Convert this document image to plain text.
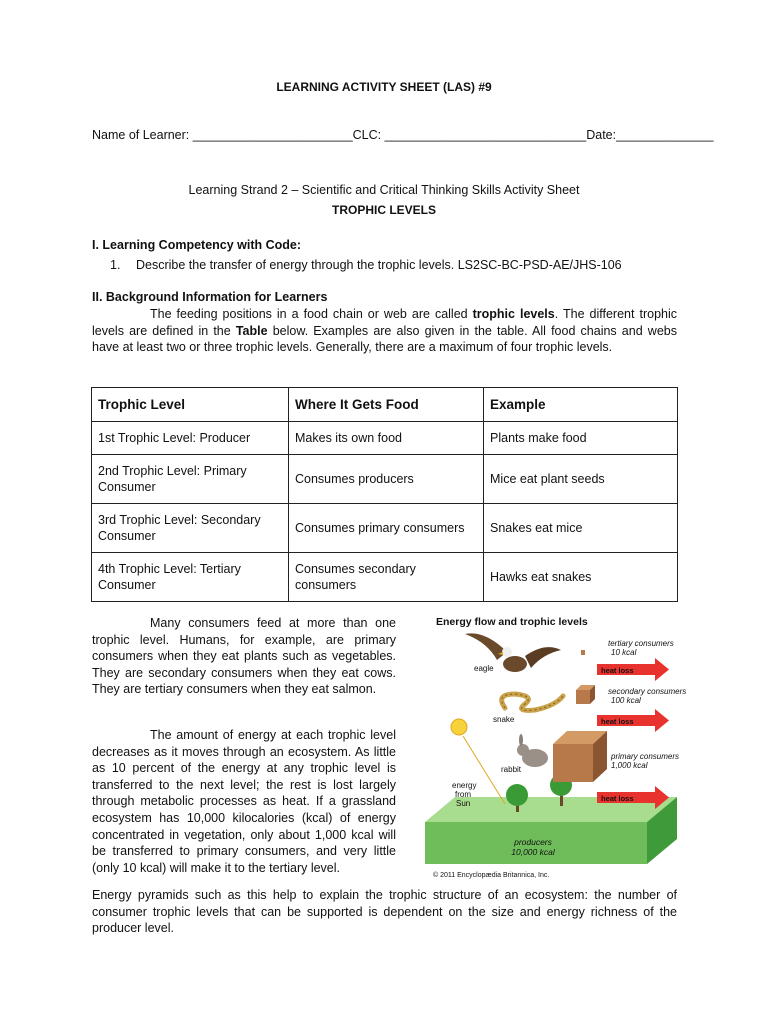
LEARNING ACTIVITY SHEET (LAS) #9
Name of Learner: _______________________CLC: _____________________________Date:______________
Learning Strand 2 – Scientific and Critical Thinking Skills Activity Sheet
TROPHIC LEVELS
I. Learning Competency with Code:
1. Describe the transfer of energy through the trophic levels. LS2SC-BC-PSD-AE/JHS-106
II. Background Information for Learners
The feeding positions in a food chain or web are called trophic levels. The different trophic levels are defined in the Table below. Examples are also given in the table. All food chains and webs have at least two or three trophic levels. Generally, there are a maximum of four trophic levels.
Trophic Level	Where It Gets Food	Example
1st Trophic Level: Producer	Makes its own food	Plants make food
2nd Trophic Level: Primary Consumer	Consumes producers	Mice eat plant seeds
3rd Trophic Level: Secondary Consumer	Consumes primary consumers	Snakes eat mice
4th Trophic Level: Tertiary Consumer	Consumes secondary consumers	Hawks eat snakes
Many consumers feed at more than one trophic level. Humans, for example, are primary consumers when they eat plants such as vegetables. They are secondary consumers when they eat cows. They are tertiary consumers when they eat salmon.
The amount of energy at each trophic level decreases as it moves through an ecosystem. As little as 10 percent of the energy at any trophic level is transferred to the next level; the rest is lost largely through metabolic processes as heat. If a grassland ecosystem has 10,000 kilocalories (kcal) of energy concentrated in vegetation, only about 1,000 kcal will be transferred to primary consumers, and very little (only 10 kcal) will make it to the tertiary level.
Energy pyramids such as this help to explain the trophic structure of an ecosystem: the number of consumer trophic levels that can be supported is dependent on the size and energy richness of the producer level.
Energy flow and trophic levels
producers
10,000 kcal
energy
from
Sun
eagle
snake
rabbit
heat loss
heat loss
heat loss
tertiary consumers
10 kcal
secondary consumers
100 kcal
primary consumers
1,000 kcal
© 2011 Encyclopædia Britannica, Inc.
